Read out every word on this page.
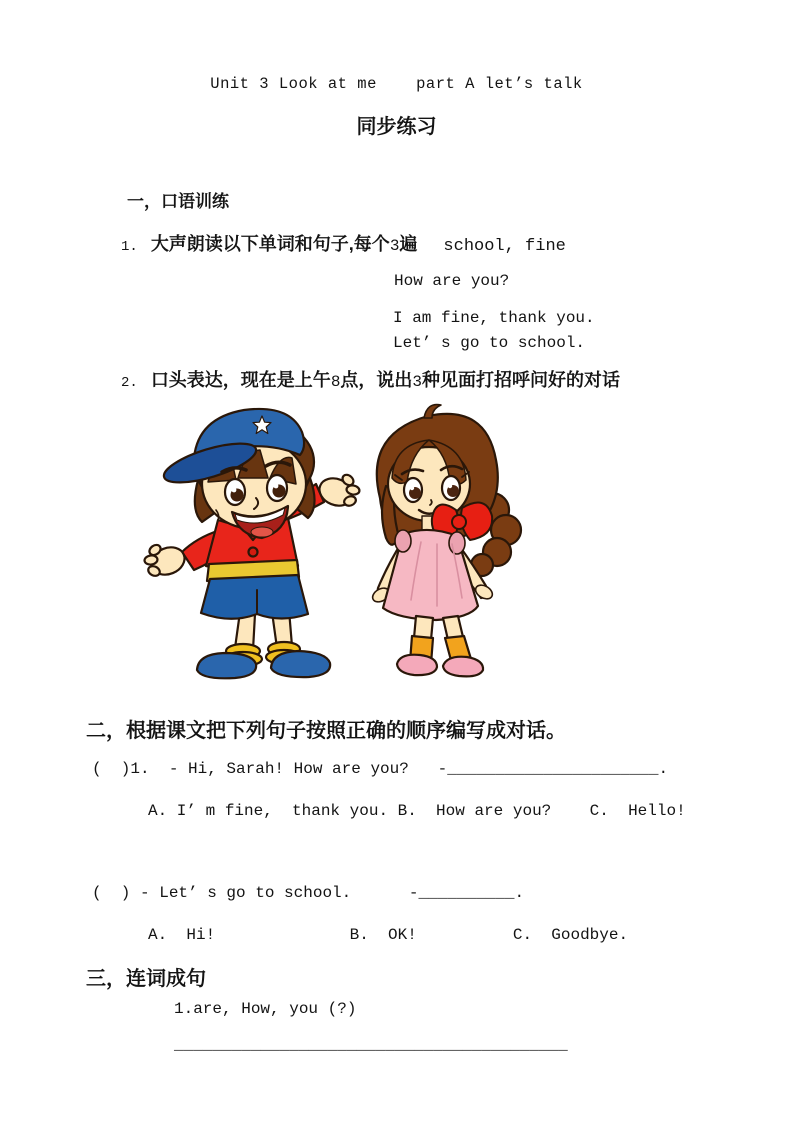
Unit 3 Look at me    part A let’s talk
同步练习
一，口语训练
1. 大声朗读以下单词和句子,每个3遍 school, fine
How are you?
I am fine, thank you.
Let’ s go to school.
2. 口头表达，现在是上午8点，说出3种见面打招呼问好的对话
二，根据课文把下列句子按照正确的顺序编写成对话。
(  )1.  - Hi, Sarah! How are you?   -______________________.
A. I’ m fine,  thank you. B.  How are you?    C.  Hello!
(  ) - Let’ s go to school.      -__________.
A.  Hi!              B.  OK!          C.  Goodbye.
三，连词成句
1.are, How, you (?)
_________________________________________
